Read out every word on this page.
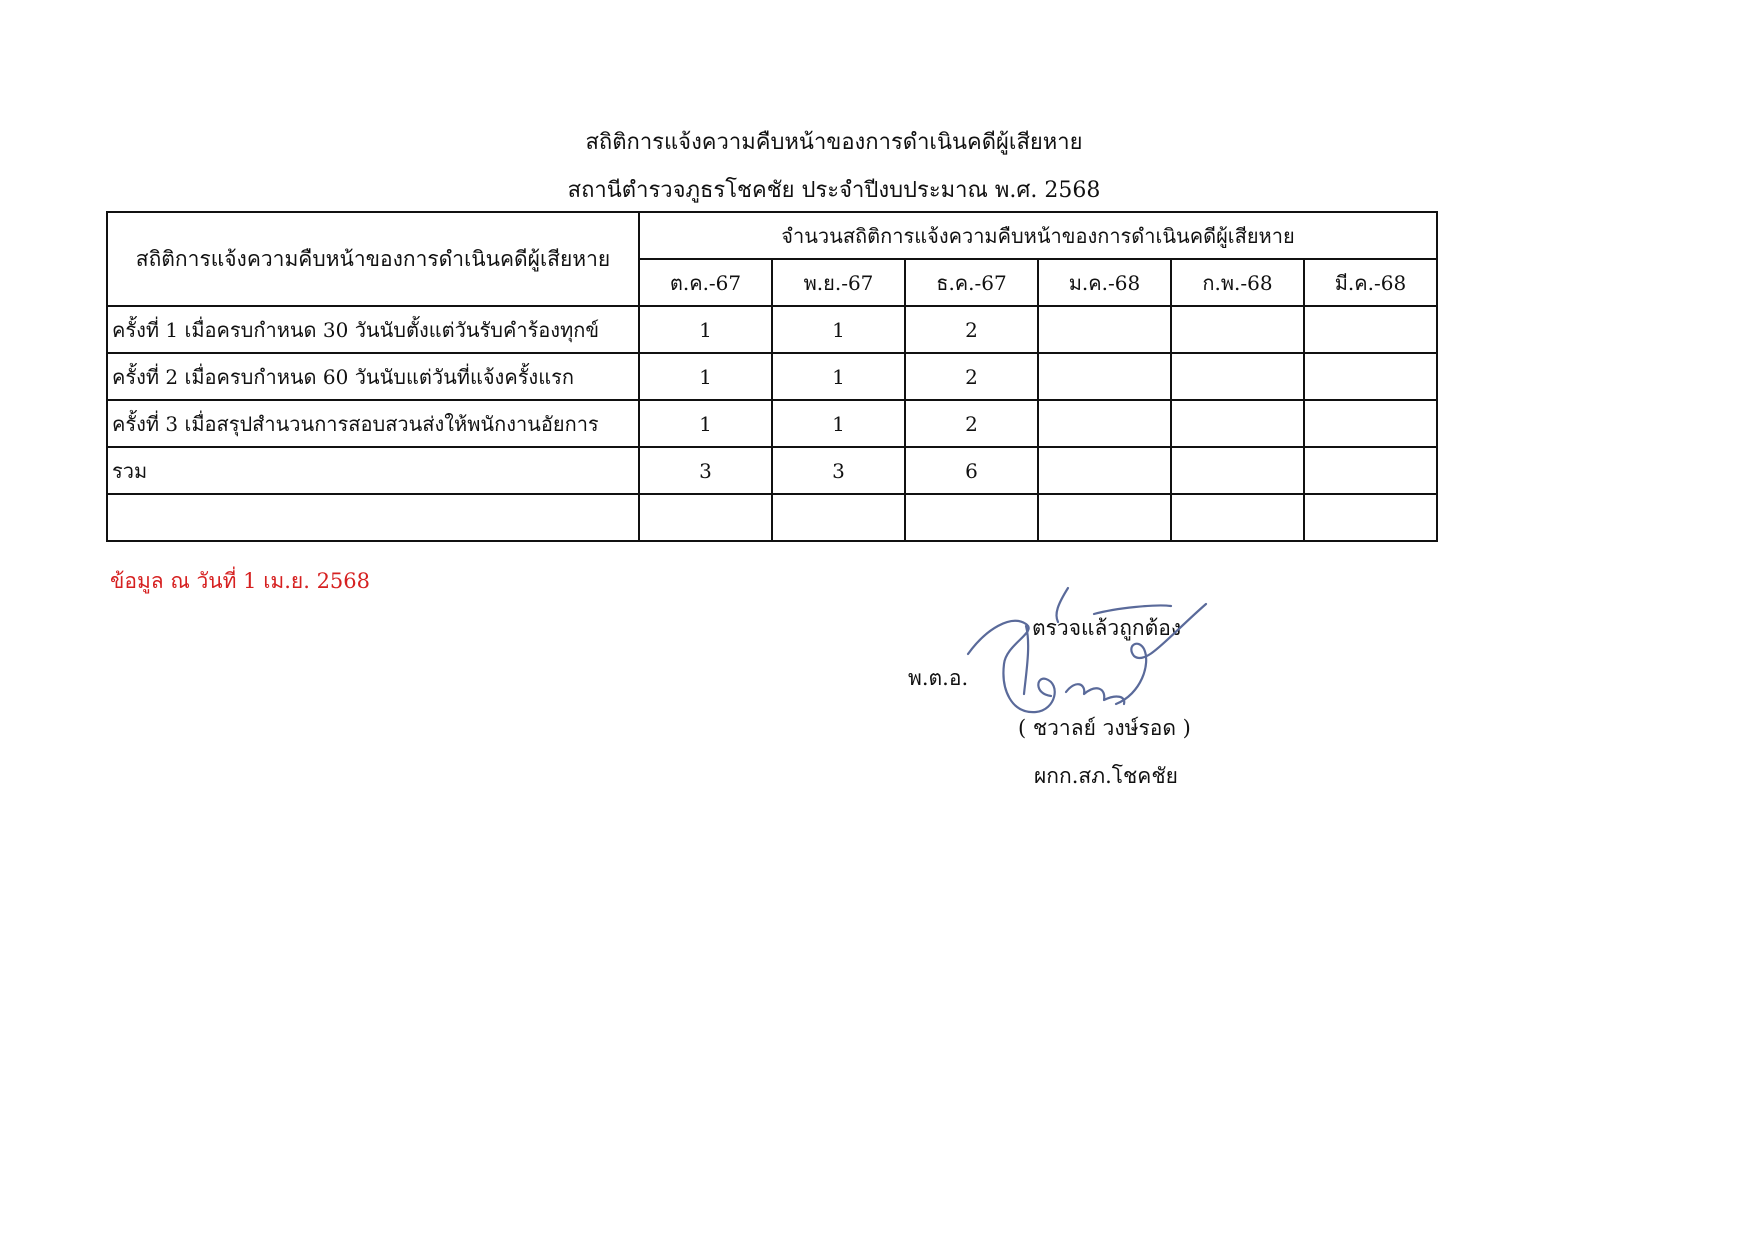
สถิติการแจ้งความคืบหน้าของการดำเนินคดีผู้เสียหาย
สถานีตำรวจภูธรโชคชัย ประจำปีงบประมาณ พ.ศ. 2568
สถิติการแจ้งความคืบหน้าของการดำเนินคดีผู้เสียหาย	จำนวนสถิติการแจ้งความคืบหน้าของการดำเนินคดีผู้เสียหาย					
	ต.ค.-67	พ.ย.-67	ธ.ค.-67	ม.ค.-68	ก.พ.-68	มี.ค.-68
ครั้งที่ 1 เมื่อครบกำหนด 30 วันนับตั้งแต่วันรับคำร้องทุกข์	1	1	2			
ครั้งที่ 2 เมื่อครบกำหนด 60 วันนับแต่วันที่แจ้งครั้งแรก	1	1	2			
ครั้งที่ 3 เมื่อสรุปสำนวนการสอบสวนส่งให้พนักงานอัยการ	1	1	2			
รวม	3	3	6			

ข้อมูล ณ วันที่ 1 เม.ย. 2568
ตรวจแล้วถูกต้อง
พ.ต.อ.
( ชวาลย์ วงษ์รอด )
ผกก.สภ.โชคชัย
